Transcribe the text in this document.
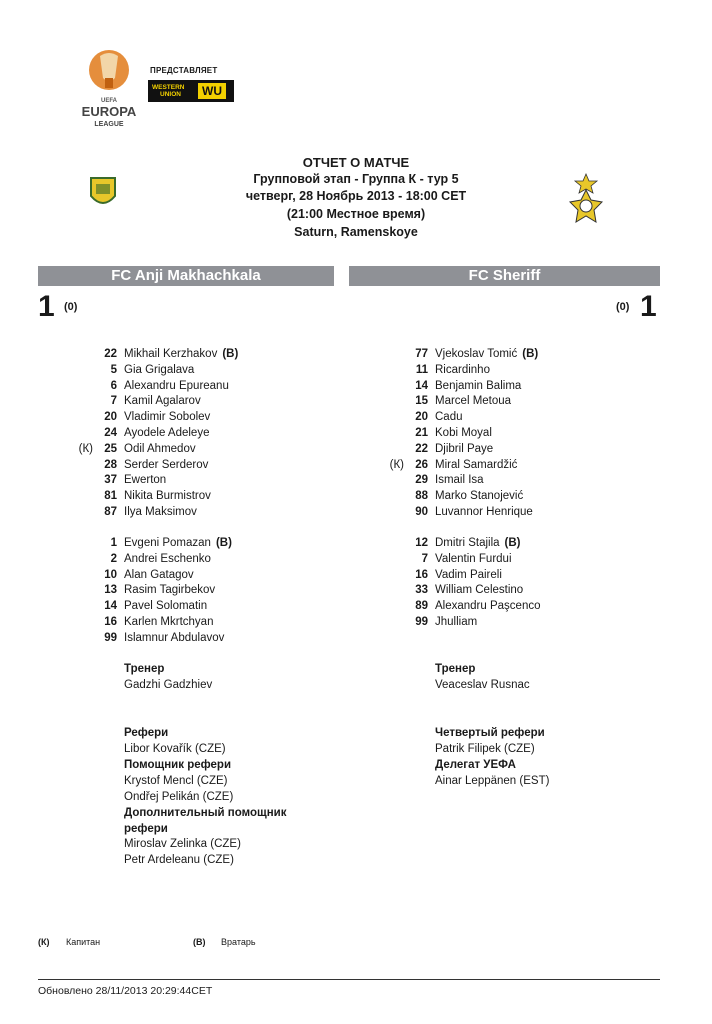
UEFA
EUROPA
LEAGUE
ПРЕДСТАВЛЯЕТ
WESTERN
UNION	WU
ОТЧЕТ О МАТЧЕ
Групповой этап - Группа К - тур 5
четверг, 28 Ноябрь 2013 - 18:00 CET
(21:00 Местное время)
Saturn, Ramenskoye
FC Anji Makhachkala	FC Sheriff
1 (0)	(0) 1
22 Mikhail Kerzhakov (В)
5 Gia Grigalava
6 Alexandru Epureanu
7 Kamil Agalarov
20 Vladimir Sobolev
24 Ayodele Adeleye
(К) 25 Odil Ahmedov
28 Serder Serderov
37 Ewerton
81 Nikita Burmistrov
87 Ilya Maksimov
1 Evgeni Pomazan (В)
2 Andrei Eschenko
10 Alan Gatagov
13 Rasim Tagirbekov
14 Pavel Solomatin
16 Karlen Mkrtchyan
99 Islamnur Abdulavov
77 Vjekoslav Tomić (В)
11 Ricardinho
14 Benjamin Balima
15 Marcel Metoua
20 Cadu
21 Kobi Moyal
22 Djibril Paye
(К) 26 Miral Samardžić
29 Ismail Isa
88 Marko Stanojević
90 Luvannor Henrique
12 Dmitri Stajila (В)
7 Valentin Furdui
16 Vadim Paireli
33 William Celestino
89 Alexandru Paşcenco
99 Jhulliam
Тренер
Gadzhi Gadzhiev
Тренер
Veaceslav Rusnac
Рефери
Libor Kovařík (CZE)
Помощник рефери
Krystof Mencl (CZE)
Ondřej Pelikán (CZE)
Дополнительный помощник
рефери
Miroslav Zelinka (CZE)
Petr Ardeleanu (CZE)
Четвертый рефери
Patrik Filipek (CZE)
Делегат УЕФА
Ainar Leppänen (EST)
(К) Капитан	(В) Вратарь
Обновлено 28/11/2013 20:29:44CET
